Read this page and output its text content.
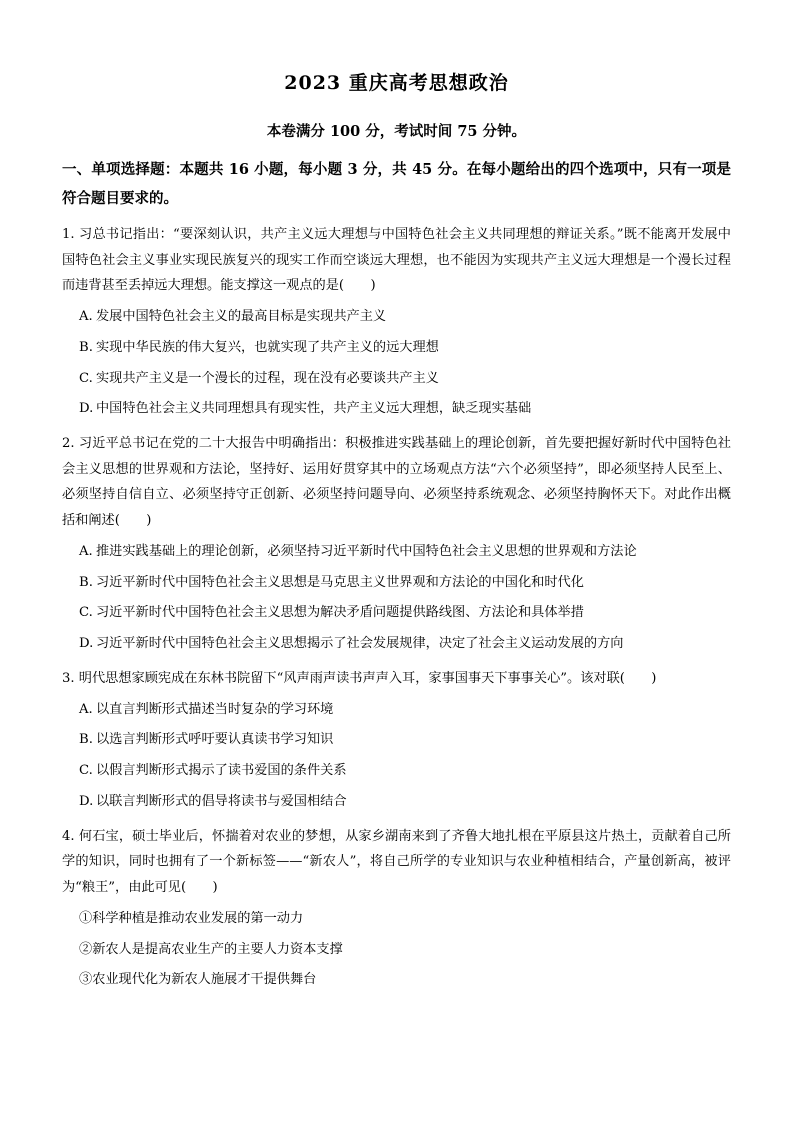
2023 重庆高考思想政治

本卷满分 100 分，考试时间 75 分钟。

一、单项选择题：本题共 16 小题，每小题 3 分，共 45 分。在每小题给出的四个选项中，只有一项是符合题目要求的。

1. 习总书记指出：“要深刻认识，共产主义远大理想与中国特色社会主义共同理想的辩证关系。”既不能离开发展中国特色社会主义事业实现民族复兴的现实工作而空谈远大理想，也不能因为实现共产主义远大理想是一个漫长过程而违背甚至丢掉远大理想。能支撑这一观点的是(　　)

A. 发展中国特色社会主义的最高目标是实现共产主义

B. 实现中华民族的伟大复兴，也就实现了共产主义的远大理想

C. 实现共产主义是一个漫长的过程，现在没有必要谈共产主义

D. 中国特色社会主义共同理想具有现实性，共产主义远大理想，缺乏现实基础

2. 习近平总书记在党的二十大报告中明确指出：积极推进实践基础上的理论创新，首先要把握好新时代中国特色社会主义思想的世界观和方法论，坚持好、运用好贯穿其中的立场观点方法“六个必须坚持”，即必须坚持人民至上、必须坚持自信自立、必须坚持守正创新、必须坚持问题导向、必须坚持系统观念、必须坚持胸怀天下。对此作出概括和阐述(　　)

A. 推进实践基础上的理论创新，必须坚持习近平新时代中国特色社会主义思想的世界观和方法论

B. 习近平新时代中国特色社会主义思想是马克思主义世界观和方法论的中国化和时代化

C. 习近平新时代中国特色社会主义思想为解决矛盾问题提供路线图、方法论和具体举措

D. 习近平新时代中国特色社会主义思想揭示了社会发展规律，决定了社会主义运动发展的方向

3. 明代思想家顾宪成在东林书院留下“风声雨声读书声声入耳，家事国事天下事事关心”。该对联(　　)

A. 以直言判断形式描述当时复杂的学习环境

B. 以选言判断形式呼吁要认真读书学习知识

C. 以假言判断形式揭示了读书爱国的条件关系

D. 以联言判断形式的倡导将读书与爱国相结合

4. 何石宝，硕士毕业后，怀揣着对农业的梦想，从家乡湖南来到了齐鲁大地扎根在平原县这片热土，贡献着自己所学的知识，同时也拥有了一个新标签——“新农人”，将自己所学的专业知识与农业种植相结合，产量创新高，被评为“粮王”，由此可见(　　)

①科学种植是推动农业发展的第一动力

②新农人是提高农业生产的主要人力资本支撑

③农业现代化为新农人施展才干提供舞台
